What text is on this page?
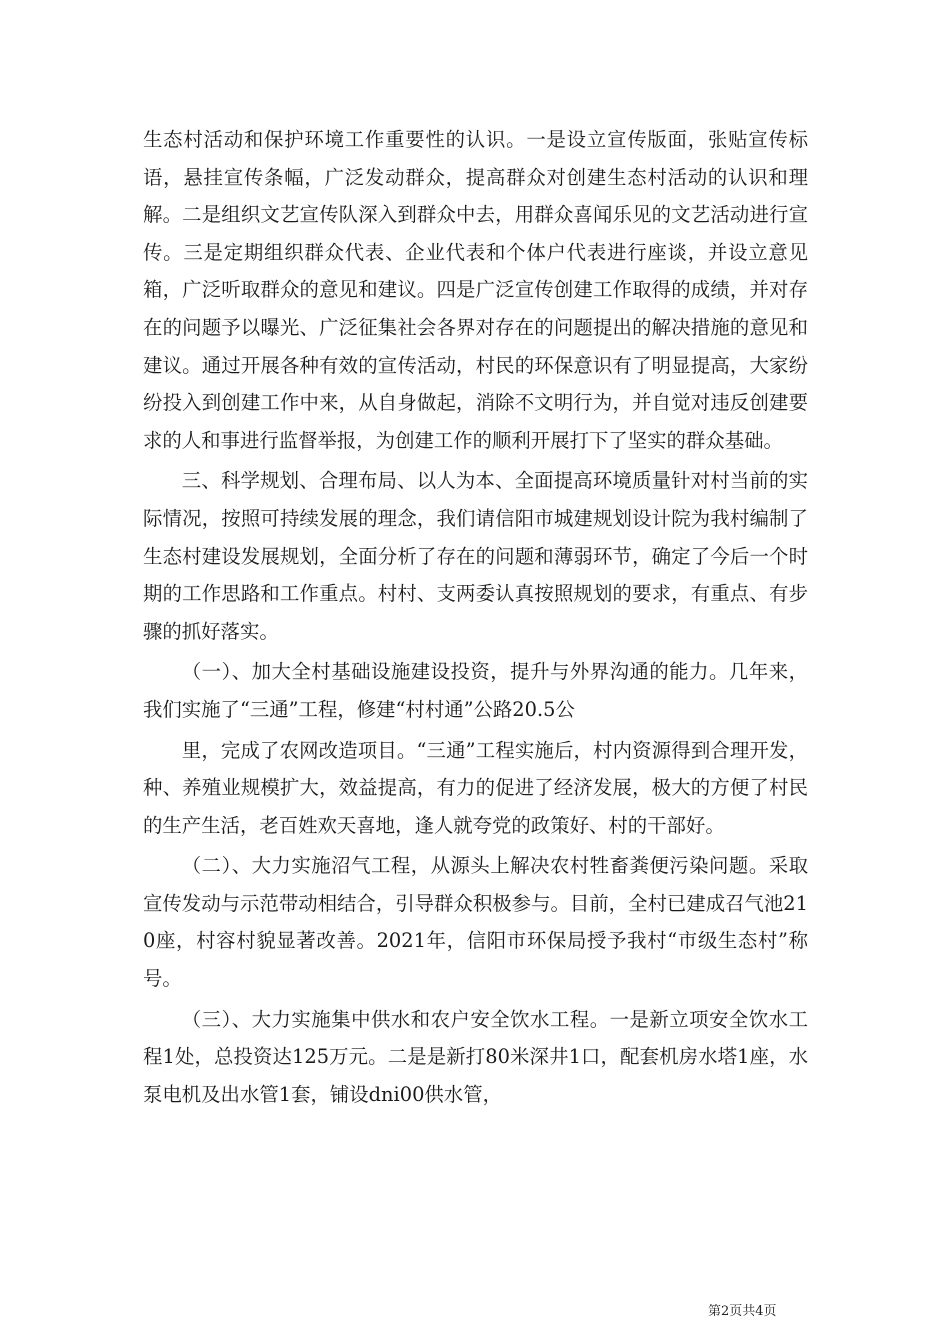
生态村活动和保护环境工作重要性的认识。一是设立宣传版面，张贴宣传标语，悬挂宣传条幅，广泛发动群众，提高群众对创建生态村活动的认识和理解。二是组织文艺宣传队深入到群众中去，用群众喜闻乐见的文艺活动进行宣传。三是定期组织群众代表、企业代表和个体户代表进行座谈，并设立意见箱，广泛听取群众的意见和建议。四是广泛宣传创建工作取得的成绩，并对存在的问题予以曝光、广泛征集社会各界对存在的问题提出的解决措施的意见和建议。通过开展各种有效的宣传活动，村民的环保意识有了明显提高，大家纷纷投入到创建工作中来，从自身做起，消除不文明行为，并自觉对违反创建要求的人和事进行监督举报，为创建工作的顺利开展打下了坚实的群众基础。

三、科学规划、合理布局、以人为本、全面提高环境质量针对村当前的实际情况，按照可持续发展的理念，我们请信阳市城建规划设计院为我村编制了生态村建设发展规划，全面分析了存在的问题和薄弱环节，确定了今后一个时期的工作思路和工作重点。村村、支两委认真按照规划的要求，有重点、有步骤的抓好落实。

（一）、加大全村基础设施建设投资，提升与外界沟通的能力。几年来，我们实施了“三通”工程，修建“村村通”公路20.5公

里，完成了农网改造项目。“三通”工程实施后，村内资源得到合理开发，种、养殖业规模扩大，效益提高，有力的促进了经济发展，极大的方便了村民的生产生活，老百姓欢天喜地，逢人就夸党的政策好、村的干部好。

（二）、大力实施沼气工程，从源头上解决农村牲畜粪便污染问题。采取宣传发动与示范带动相结合，引导群众积极参与。目前，全村已建成召气池210座，村容村貌显著改善。2021年，信阳市环保局授予我村“市级生态村”称号。

（三）、大力实施集中供水和农户安全饮水工程。一是新立项安全饮水工程1处，总投资达125万元。二是是新打80米深井1口，配套机房水塔1座，水泵电机及出水管1套，铺设dni00供水管，

第2页共4页
